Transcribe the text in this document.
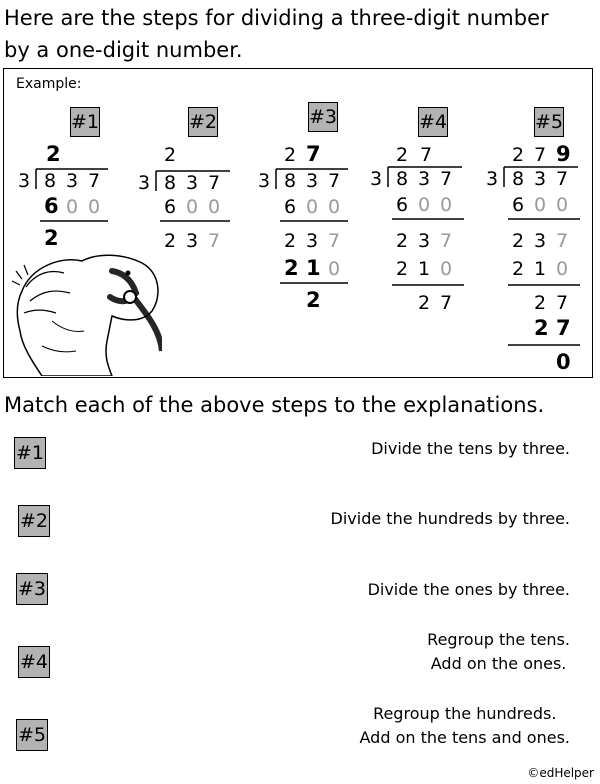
Here are the steps for dividing a three-digit number
by a one-digit number.
Example:
#1	#2	#3	#4	#5
2
3 8 3 7
6 0 0
2
2
3 8 3 7
6 0 0
2 3 7
2 7
3 8 3 7
6 0 0
2 3 7
2 1 0
2
2 7
3 8 3 7
6 0 0
2 3 7
2 1 0
2 7
2 7 9
3 8 3 7
6 0 0
2 3 7
2 1 0
2 7
2 7
0
Match each of the above steps to the explanations.
#1	Divide the tens by three.
#2	Divide the hundreds by three.
#3	Divide the ones by three.
#4
Regroup the tens.
Add on the ones.
#5
Regroup the hundreds.
Add on the tens and ones.
©edHelper
